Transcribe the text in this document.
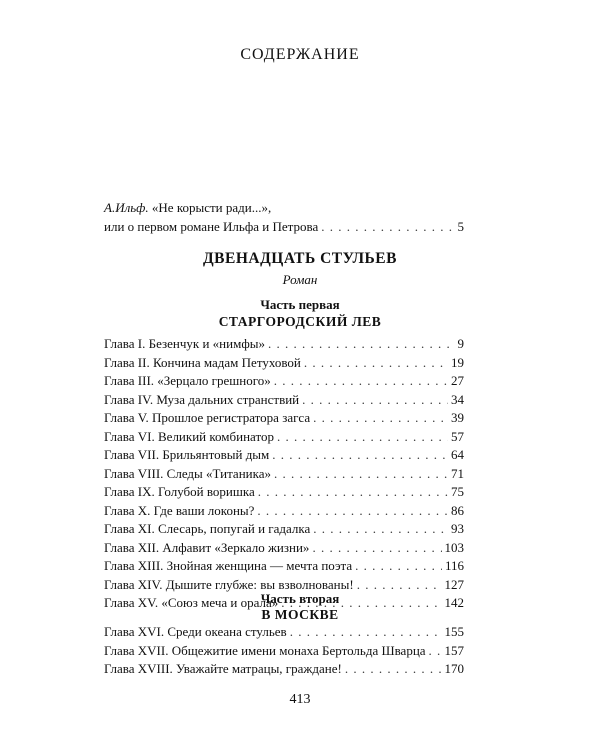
СОДЕРЖАНИЕ
А.Ильф. «Не корысти ради...»,
или о первом романе Ильфа и Петрова . . .	5
ДВЕНАДЦАТЬ СТУЛЬЕВ
Роман
Часть первая
СТАРГОРОДСКИЙ ЛЕВ
Глава I. Безенчук и «нимфы» . . .	9
Глава II. Кончина мадам Петуховой . . .	19
Глава III. «Зерцало грешного» . . .	27
Глава IV. Муза дальних странствий . . .	34
Глава V. Прошлое регистратора загса . . .	39
Глава VI. Великий комбинатор . . .	57
Глава VII. Брильянтовый дым . . .	64
Глава VIII. Следы «Титаника» . . .	71
Глава IX. Голубой воришка . . .	75
Глава X. Где ваши локоны? . . .	86
Глава XI. Слесарь, попугай и гадалка . . .	93
Глава XII. Алфавит «Зеркало жизни» . . .	103
Глава XIII. Знойная женщина — мечта поэта . . .	116
Глава XIV. Дышите глубже: вы взволнованы! . . .	127
Глава XV. «Союз меча и орала» . . .	142
Часть вторая
В МОСКВЕ
Глава XVI. Среди океана стульев . . .	155
Глава XVII. Общежитие имени монаха Бертольда Шварца . . . 157
Глава XVIII. Уважайте матрацы, граждане! . . .	170
413
